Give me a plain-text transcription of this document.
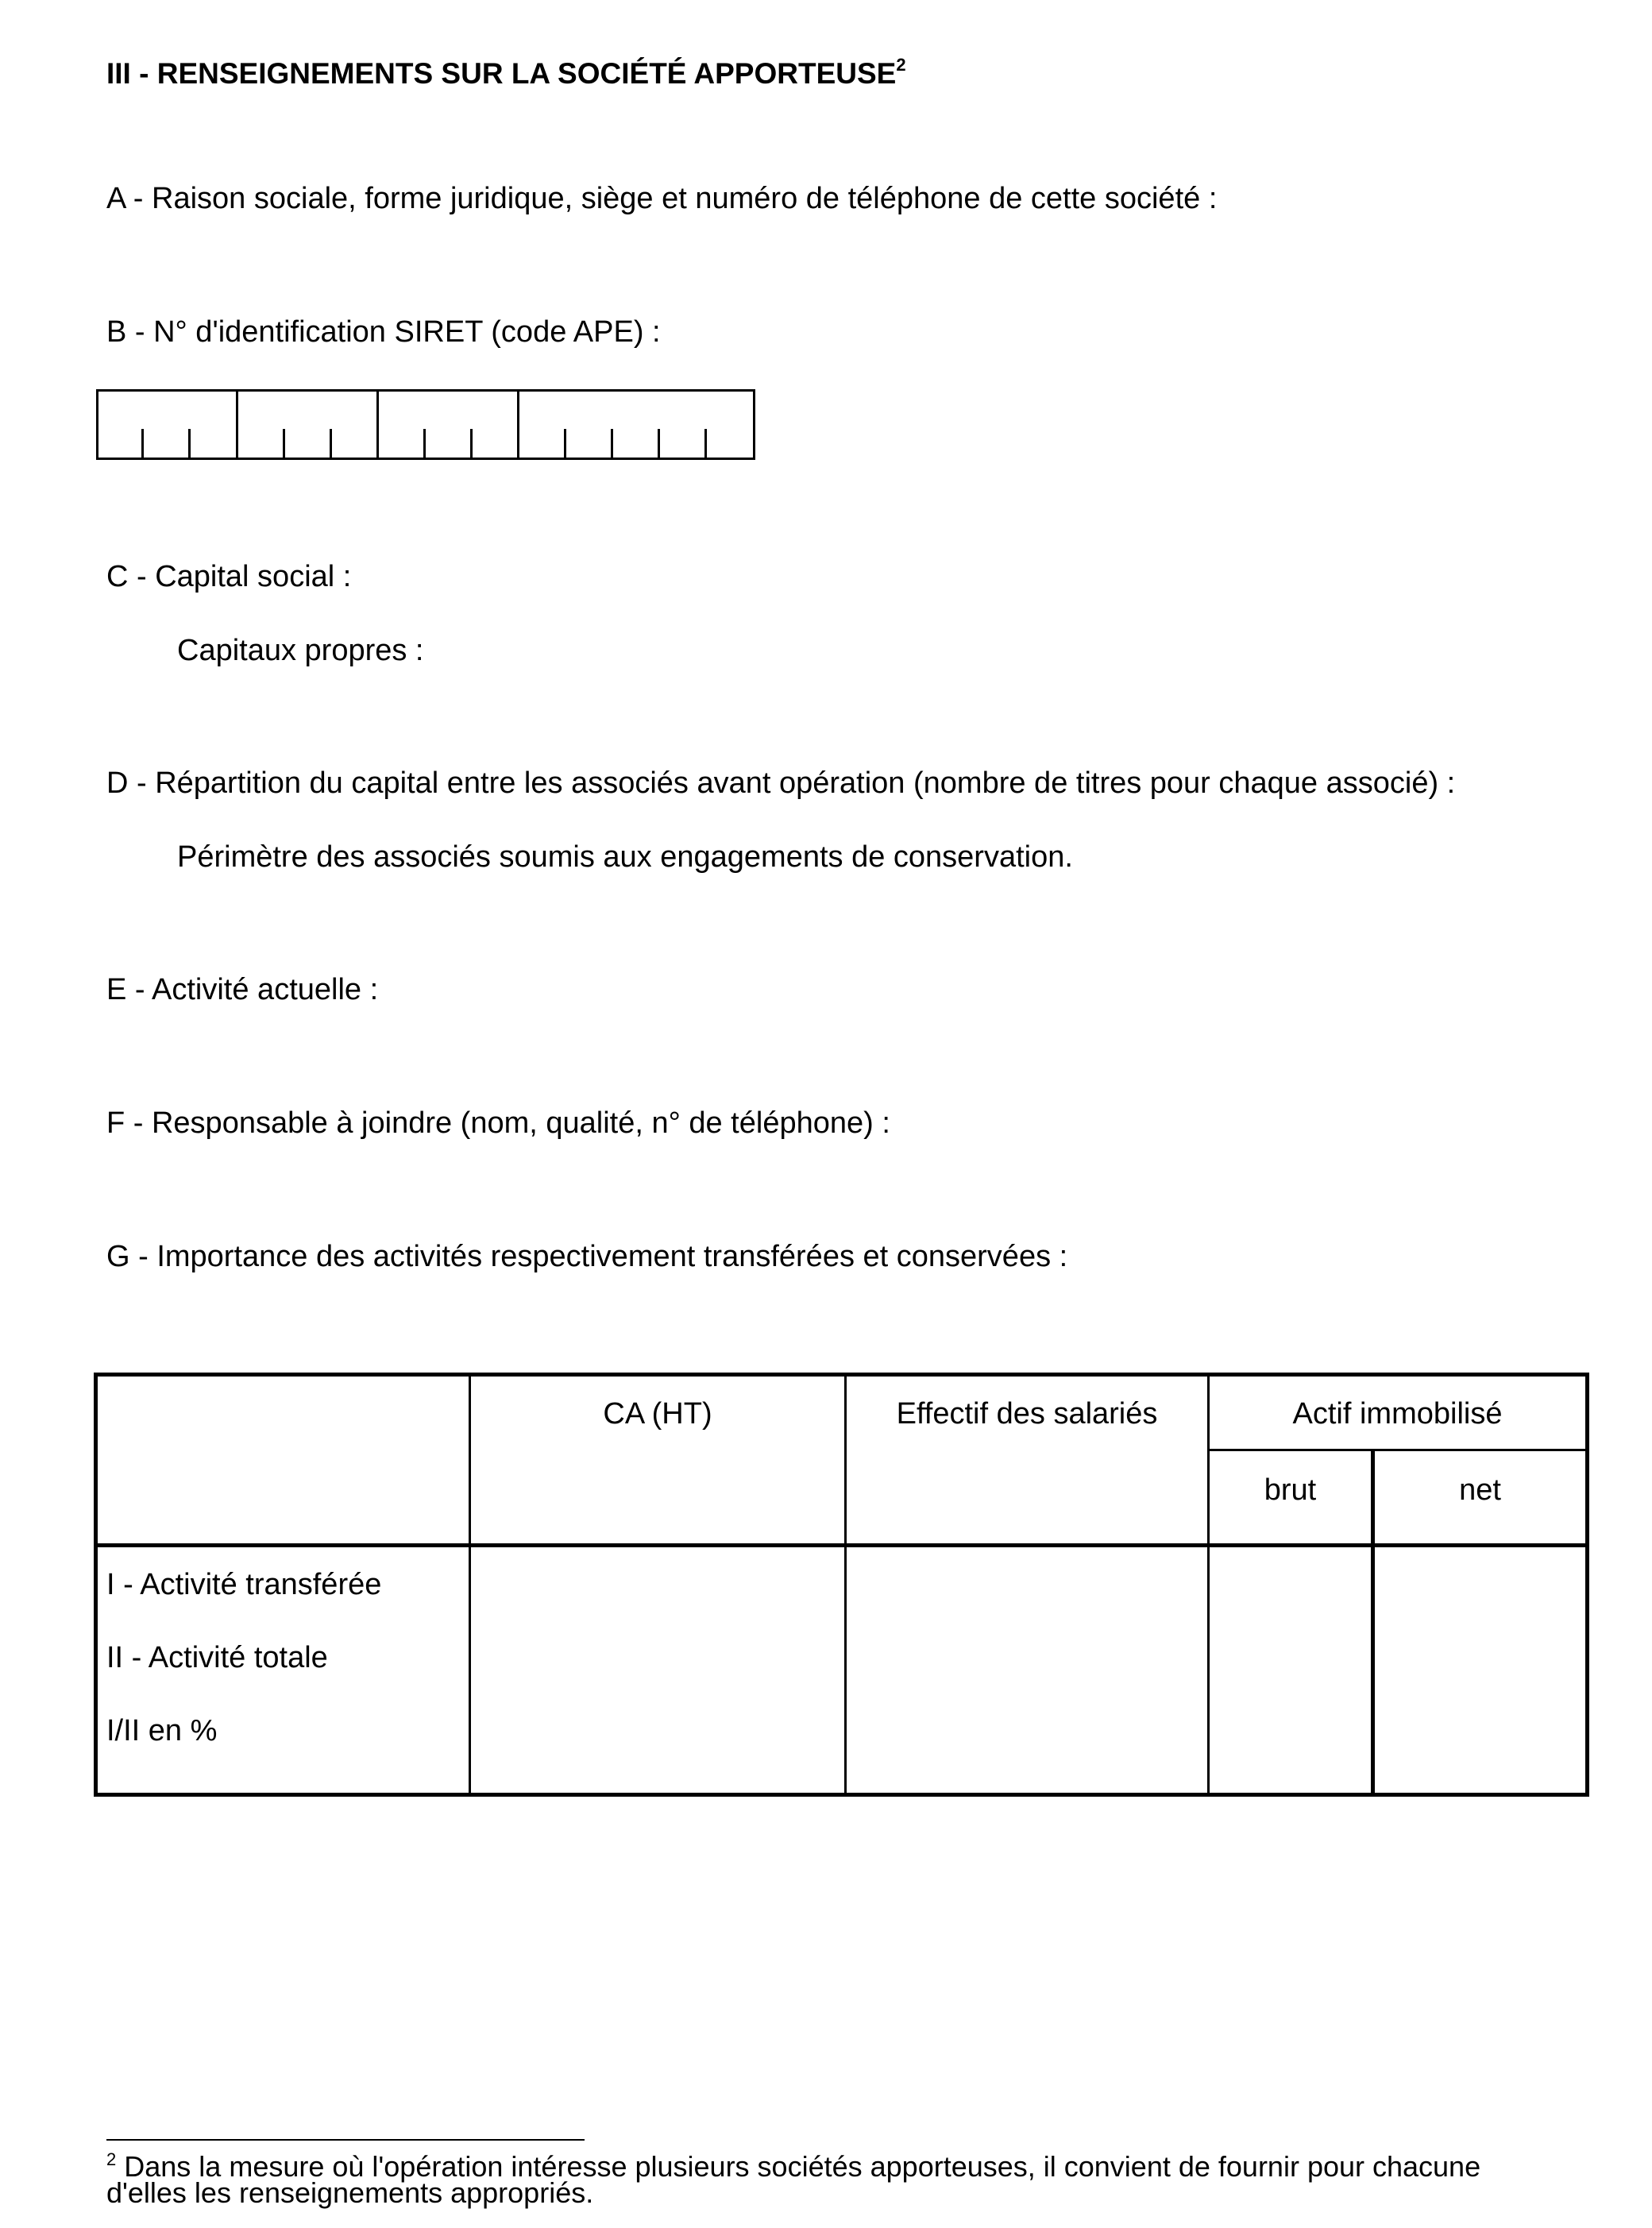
III - RENSEIGNEMENTS SUR LA SOCIÉTÉ APPORTEUSE$^2$
A - Raison sociale, forme juridique, siège et numéro de téléphone de cette société :
B - N° d'identification SIRET (code APE) :
C - Capital social :
Capitaux propres :
D - Répartition du capital entre les associés avant opération (nombre de titres pour chaque associé) :
Périmètre des associés soumis aux engagements de conservation.
E - Activité actuelle :
F - Responsable à joindre (nom, qualité, n° de téléphone) :
G - Importance des activités respectivement transférées et conservées :
CA (HT)	Effectif des salariés	Actif immobilisé
brut	net
I - Activité transférée
II - Activité totale
I/II en %
$^2$ Dans la mesure où l'opération intéresse plusieurs sociétés apporteuses, il convient de fournir pour chacune
d'elles les renseignements appropriés.
